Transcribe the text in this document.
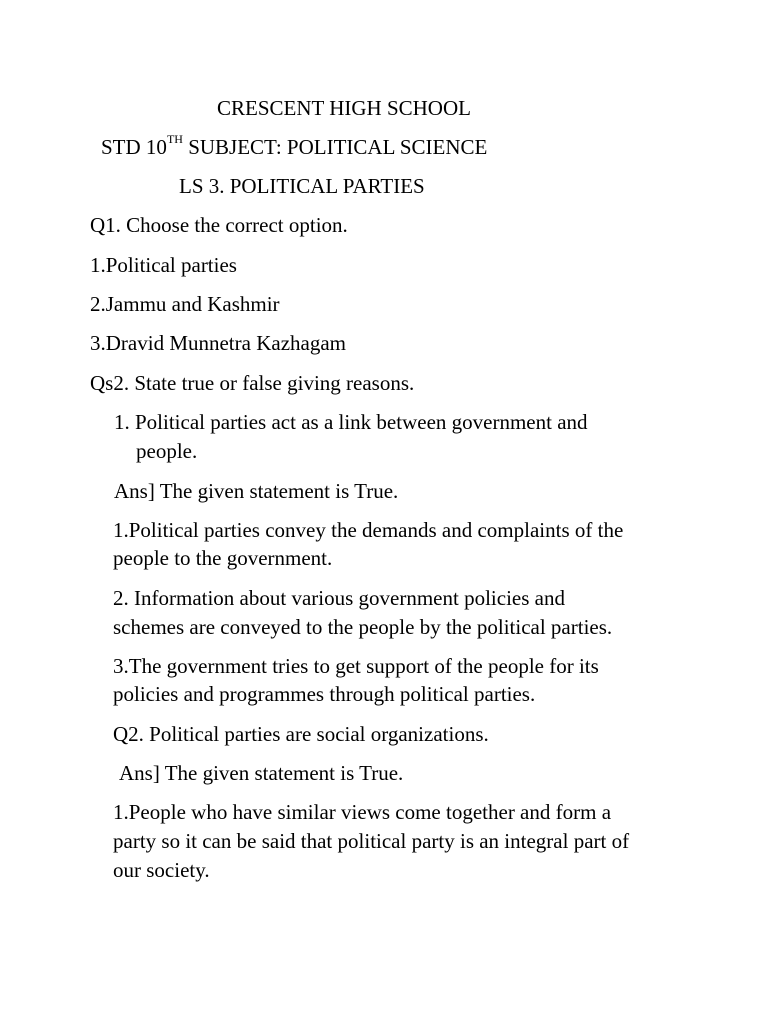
CRESCENT HIGH SCHOOL
STD 10TH SUBJECT: POLITICAL SCIENCE
LS 3. POLITICAL PARTIES
Q1. Choose the correct option.
1.Political parties
2.Jammu and Kashmir
3.Dravid Munnetra Kazhagam
Qs2. State true or false giving reasons.
1. Political parties act as a link between government and
people.
Ans] The given statement is True.
1.Political parties convey the demands and complaints of the
people to the government.
2. Information about various government policies and
schemes are conveyed to the people by the political parties.
3.The government tries to get support of the people for its
policies and programmes through political parties.
Q2. Political parties are social organizations.
Ans] The given statement is True.
1.People who have similar views come together and form a
party so it can be said that political party is an integral part of
our society.
